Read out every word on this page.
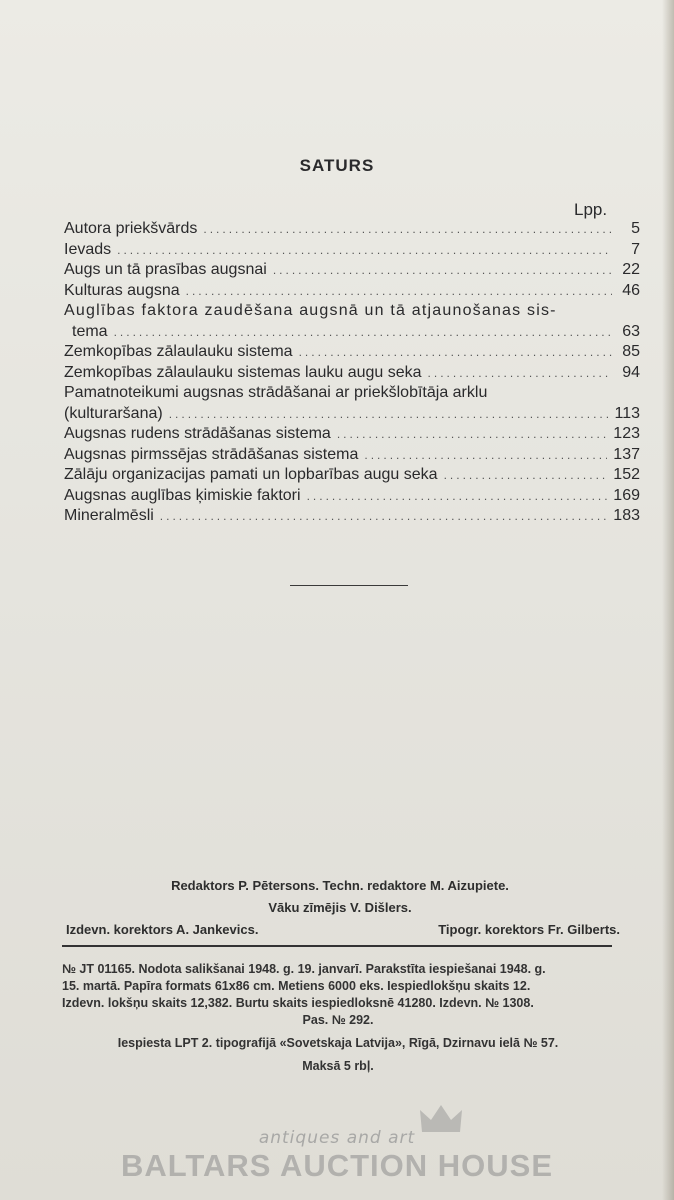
SATURS
Lpp.
Autora priekšvārds .....	5
Ievads .....	7
Augs un tā prasības augsnai .....	22
Kulturas augsna .....	46
Auglības faktora zaudēšana augsnā un tā atjaunošanas sis-
tema .....	63
Zemkopības zālaulauku sistema .....	85
Zemkopības zālaulauku sistemas lauku augu seka .....	94
Pamatnoteikumi augsnas strādāšanai ar priekšlobītāja arklu
(kulturaršana) .....	113
Augsnas rudens strādāšanas sistema .....	123
Augsnas pirmssējas strādāšanas sistema .....	137
Zālāju organizacijas pamati un lopbarības augu seka .....	152
Augsnas auglības ķimiskie faktori .....	169
Mineralmēsli .....	183
Redaktors P. Pētersons. Techn. redaktore M. Aizupiete.
Vāku zīmējis V. Dišlers.
Izdevn. korektors A. Jankevics.	Tipogr. korektors Fr. Gilberts.
№ JT 01165. Nodota salikšanai 1948. g. 19. janvarī. Parakstīta iespiešanai 1948. g.
15. martā. Papīra formats 61x86 cm. Metiens 6000 eks. Iespiedlokšņu skaits 12.
Izdevn. lokšņu skaits 12,382. Burtu skaits iespiedloksnē 41280. Izdevn. № 1308.
Pas. № 292.
Iespiesta LPT 2. tipografijā «Sovetskaja Latvija», Rīgā, Dzirnavu ielā № 57.
Maksā 5 rbļ.
antiques and art
BALTARS AUCTION HOUSE
